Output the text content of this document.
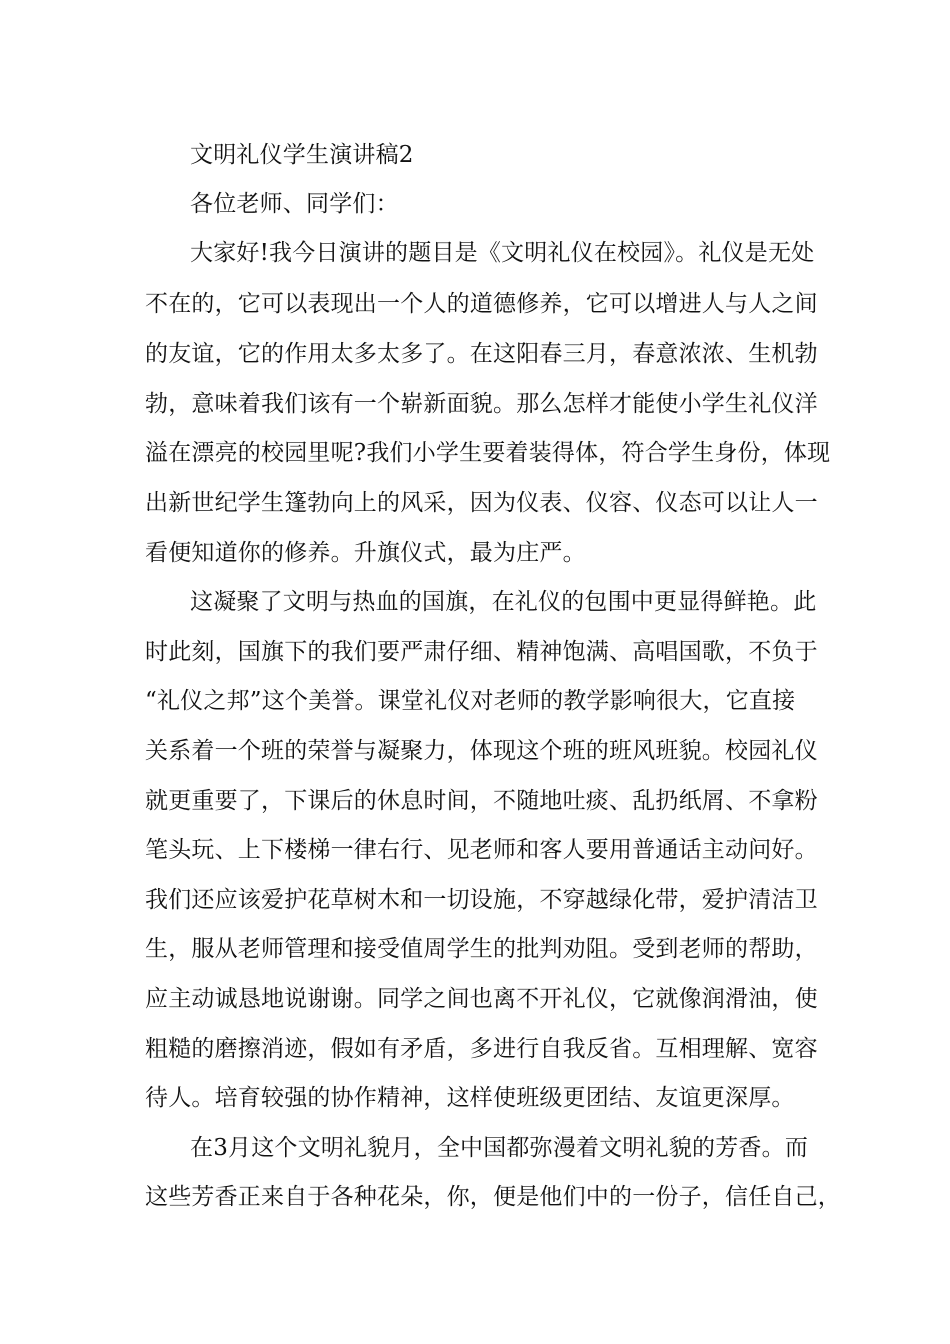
文明礼仪学生演讲稿2
各位老师、同学们：
大家好!我今日演讲的题目是《文明礼仪在校园》。礼仪是无处
不在的，它可以表现出一个人的道德修养，它可以增进人与人之间
的友谊，它的作用太多太多了。在这阳春三月，春意浓浓、生机勃
勃，意味着我们该有一个崭新面貌。那么怎样才能使小学生礼仪洋
溢在漂亮的校园里呢?我们小学生要着装得体，符合学生身份，体现
出新世纪学生篷勃向上的风采，因为仪表、仪容、仪态可以让人一
看便知道你的修养。升旗仪式，最为庄严。
这凝聚了文明与热血的国旗，在礼仪的包围中更显得鲜艳。此
时此刻，国旗下的我们要严肃仔细、精神饱满、高唱国歌，不负于
“礼仪之邦”这个美誉。课堂礼仪对老师的教学影响很大，它直接
关系着一个班的荣誉与凝聚力，体现这个班的班风班貌。校园礼仪
就更重要了，下课后的休息时间，不随地吐痰、乱扔纸屑、不拿粉
笔头玩、上下楼梯一律右行、见老师和客人要用普通话主动问好。
我们还应该爱护花草树木和一切设施，不穿越绿化带，爱护清洁卫
生，服从老师管理和接受值周学生的批判劝阻。受到老师的帮助，
应主动诚恳地说谢谢。同学之间也离不开礼仪，它就像润滑油，使
粗糙的磨擦消迹，假如有矛盾，多进行自我反省。互相理解、宽容
待人。培育较强的协作精神，这样使班级更团结、友谊更深厚。
在3月这个文明礼貌月，全中国都弥漫着文明礼貌的芳香。而
这些芳香正来自于各种花朵，你，便是他们中的一份子，信任自己，
